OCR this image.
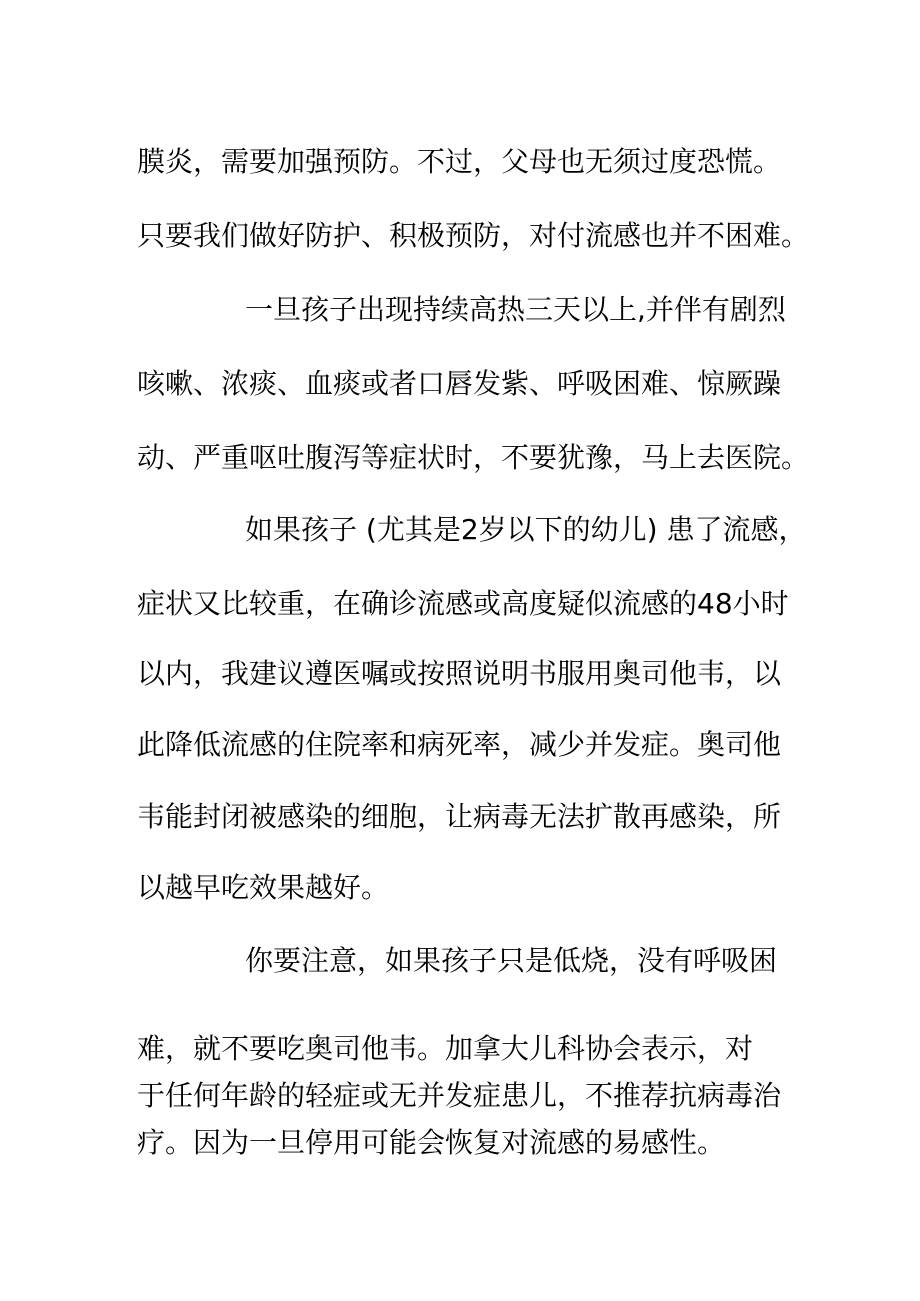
膜炎，需要加强预防。不过，父母也无须过度恐慌。
只要我们做好防护、积极预防，对付流感也并不困难。
一旦孩子出现持续高热三天以上,并伴有剧烈
咳嗽、浓痰、血痰或者口唇发紫、呼吸困难、惊厥躁
动、严重呕吐腹泻等症状时，不要犹豫，马上去医院。
如果孩子 (尤其是2岁以下的幼儿) 患了流感，
症状又比较重，在确诊流感或高度疑似流感的48小时
以内，我建议遵医嘱或按照说明书服用奥司他韦，以
此降低流感的住院率和病死率，减少并发症。奥司他
韦能封闭被感染的细胞，让病毒无法扩散再感染，所
以越早吃效果越好。
你要注意，如果孩子只是低烧，没有呼吸困
难，就不要吃奥司他韦。加拿大儿科协会表示，对
于任何年龄的轻症或无并发症患儿，不推荐抗病毒治
疗。因为一旦停用可能会恢复对流感的易感性。
